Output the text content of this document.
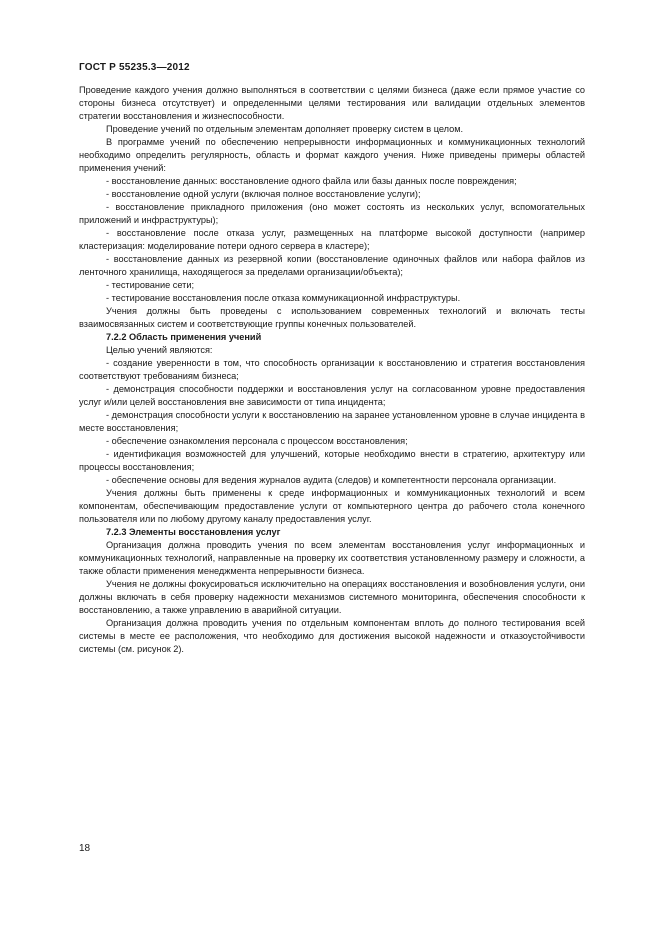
ГОСТ Р 55235.3—2012

Проведение каждого учения должно выполняться в соответствии с целями бизнеса (даже если прямое участие со стороны бизнеса отсутствует) и определенными целями тестирования или валидации отдельных элементов стратегии восстановления и жизнеспособности.

Проведение учений по отдельным элементам дополняет проверку систем в целом.

В программе учений по обеспечению непрерывности информационных и коммуникационных технологий необходимо определить регулярность, область и формат каждого учения. Ниже приведены примеры областей применения учений:

- восстановление данных: восстановление одного файла или базы данных после повреждения;

- восстановление одной услуги (включая полное восстановление услуги);

- восстановление прикладного приложения (оно может состоять из нескольких услуг, вспомогательных приложений и инфраструктуры);

- восстановление после отказа услуг, размещенных на платформе высокой доступности (например кластеризация: моделирование потери одного сервера в кластере);

- восстановление данных из резервной копии (восстановление одиночных файлов или набора файлов из ленточного хранилища, находящегося за пределами организации/объекта);

- тестирование сети;

- тестирование восстановления после отказа коммуникационной инфраструктуры.

Учения должны быть проведены с использованием современных технологий и включать тесты взаимосвязанных систем и соответствующие группы конечных пользователей.

7.2.2 Область применения учений

Целью учений являются:

- создание уверенности в том, что способность организации к восстановлению и стратегия восстановления соответствуют требованиям бизнеса;

- демонстрация способности поддержки и восстановления услуг на согласованном уровне предоставления услуг и/или целей восстановления вне зависимости от типа инцидента;

- демонстрация способности услуги к восстановлению на заранее установленном уровне в случае инцидента в месте восстановления;

- обеспечение ознакомления персонала с процессом восстановления;

- идентификация возможностей для улучшений, которые необходимо внести в стратегию, архитектуру или процессы восстановления;

- обеспечение основы для ведения журналов аудита (следов) и компетентности персонала организации.

Учения должны быть применены к среде информационных и коммуникационных технологий и всем компонентам, обеспечивающим предоставление услуги от компьютерного центра до рабочего стола конечного пользователя или по любому другому каналу предоставления услуг.

7.2.3 Элементы восстановления услуг

Организация должна проводить учения по всем элементам восстановления услуг информационных и коммуникационных технологий, направленные на проверку их соответствия установленному размеру и сложности, а также области применения менеджмента непрерывности бизнеса.

Учения не должны фокусироваться исключительно на операциях восстановления и возобновления услуги, они должны включать в себя проверку надежности механизмов системного мониторинга, обеспечения способности к восстановлению, а также управлению в аварийной ситуации.

Организация должна проводить учения по отдельным компонентам вплоть до полного тестирования всей системы в месте ее расположения, что необходимо для достижения высокой надежности и отказоустойчивости системы (см. рисунок 2).

18
